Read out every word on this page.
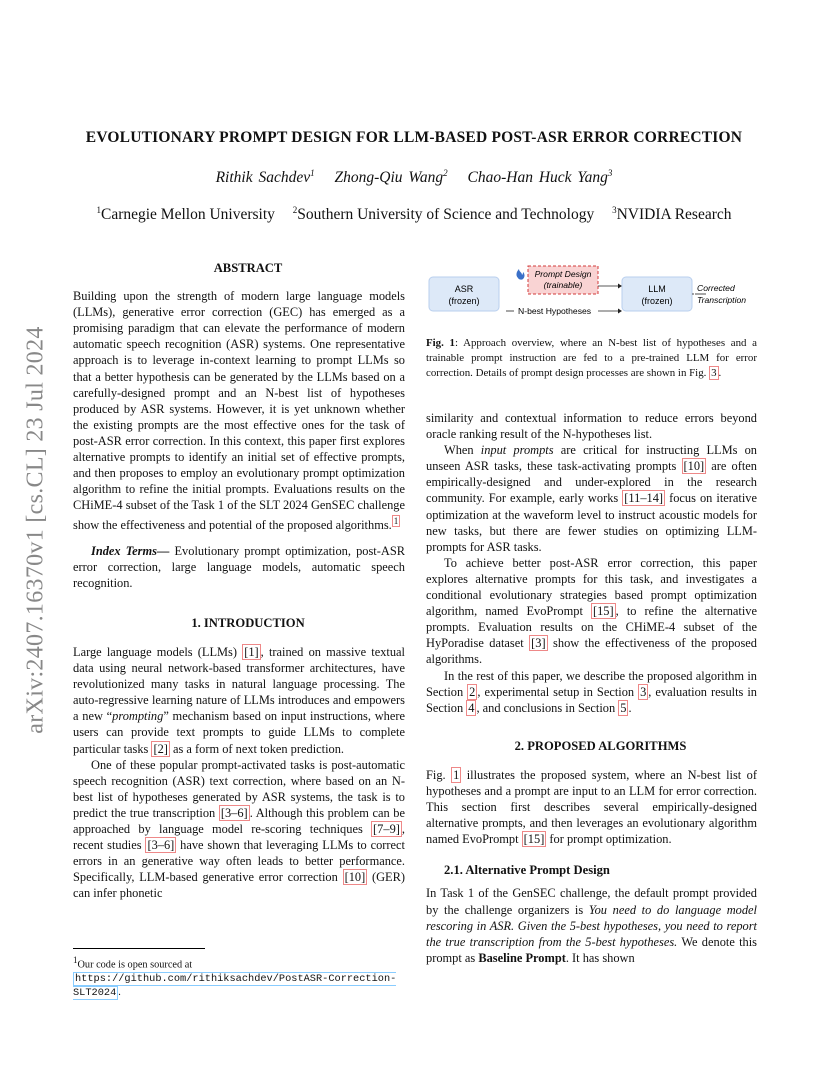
arXiv:2407.16370v1 [cs.CL] 23 Jul 2024
EVOLUTIONARY PROMPT DESIGN FOR LLM-BASED POST-ASR ERROR CORRECTION
Rithik Sachdev$^1$ Zhong-Qiu Wang$^2$ Chao-Han Huck Yang$^3$
$^1$Carnegie Mellon University $^2$Southern University of Science and Technology $^3$NVIDIA Research

ABSTRACT

Building upon the strength of modern large language models (LLMs), generative error correction (GEC) has emerged as a promising paradigm that can elevate the performance of modern automatic speech recognition (ASR) systems. One representative approach is to leverage in-context learning to prompt LLMs so that a better hypothesis can be generated by the LLMs based on a carefully-designed prompt and an N-best list of hypotheses produced by ASR systems. However, it is yet unknown whether the existing prompts are the most effective ones for the task of post-ASR error correction. In this context, this paper first explores alternative prompts to identify an initial set of effective prompts, and then proposes to employ an evolutionary prompt optimization algorithm to refine the initial prompts. Evaluations results on the CHiME-4 subset of the Task 1 of the SLT 2024 GenSEC challenge show the effectiveness and potential of the proposed algorithms. $^1$

Index Terms— Evolutionary prompt optimization, post-ASR error correction, large language models, automatic speech recognition.

1. INTRODUCTION

Large language models (LLMs) [1] , trained on massive textual data using neural network-based transformer architectures, have revolutionized many tasks in natural language processing. The auto-regressive learning nature of LLMs introduces and empowers a new “prompting” mechanism based on input instructions, where users can provide text prompts to guide LLMs to complete particular tasks [2] as a form of next token prediction.

One of these popular prompt-activated tasks is post-automatic speech recognition (ASR) text correction, where based on an N-best list of hypotheses generated by ASR systems, the task is to predict the true transcription [3–6] . Although this problem can be approached by language model re-scoring techniques [7–9] , recent studies [3–6] have shown that leveraging LLMs to correct errors in an generative way often leads to better performance. Specifically, LLM-based generative error correction [10] (GER) can infer phonetic

$^1$Our code is open sourced at https://github.com/rithiksachdev/PostASR-Correction-SLT2024 .
ASR
(frozen)
Prompt Design
(trainable)	LLM
(frozen)
N-best Hypotheses
Corrected
Transcription
Fig. 1: Approach overview, where an N-best list of hypotheses and a trainable prompt instruction are fed to a pre-trained LLM for error correction. Details of prompt design processes are shown in Fig. 3 .

similarity and contextual information to reduce errors beyond oracle ranking result of the N-hypotheses list.

When input prompts are critical for instructing LLMs on unseen ASR tasks, these task-activating prompts [10] are often empirically-designed and under-explored in the research community. For example, early works [11–14] focus on iterative optimization at the waveform level to instruct acoustic models for new tasks, but there are fewer studies on optimizing LLM-prompts for ASR tasks.

To achieve better post-ASR error correction, this paper explores alternative prompts for this task, and investigates a conditional evolutionary strategies based prompt optimization algorithm, named EvoPrompt [15] , to refine the alternative prompts. Evaluation results on the CHiME-4 subset of the HyPoradise dataset [3] show the effectiveness of the proposed algorithms.

In the rest of this paper, we describe the proposed algorithm in Section 2 , experimental setup in Section 3 , evaluation results in Section 4 , and conclusions in Section 5 .

2. PROPOSED ALGORITHMS

Fig. 1 illustrates the proposed system, where an N-best list of hypotheses and a prompt are input to an LLM for error correction. This section first describes several empirically-designed alternative prompts, and then leverages an evolutionary algorithm named EvoPrompt [15] for prompt optimization.

2.1. Alternative Prompt Design

In Task 1 of the GenSEC challenge, the default prompt provided by the challenge organizers is You need to do language model rescoring in ASR. Given the 5-best hypotheses, you need to report the true transcription from the 5-best hypotheses. We denote this prompt as Baseline Prompt. It has shown
